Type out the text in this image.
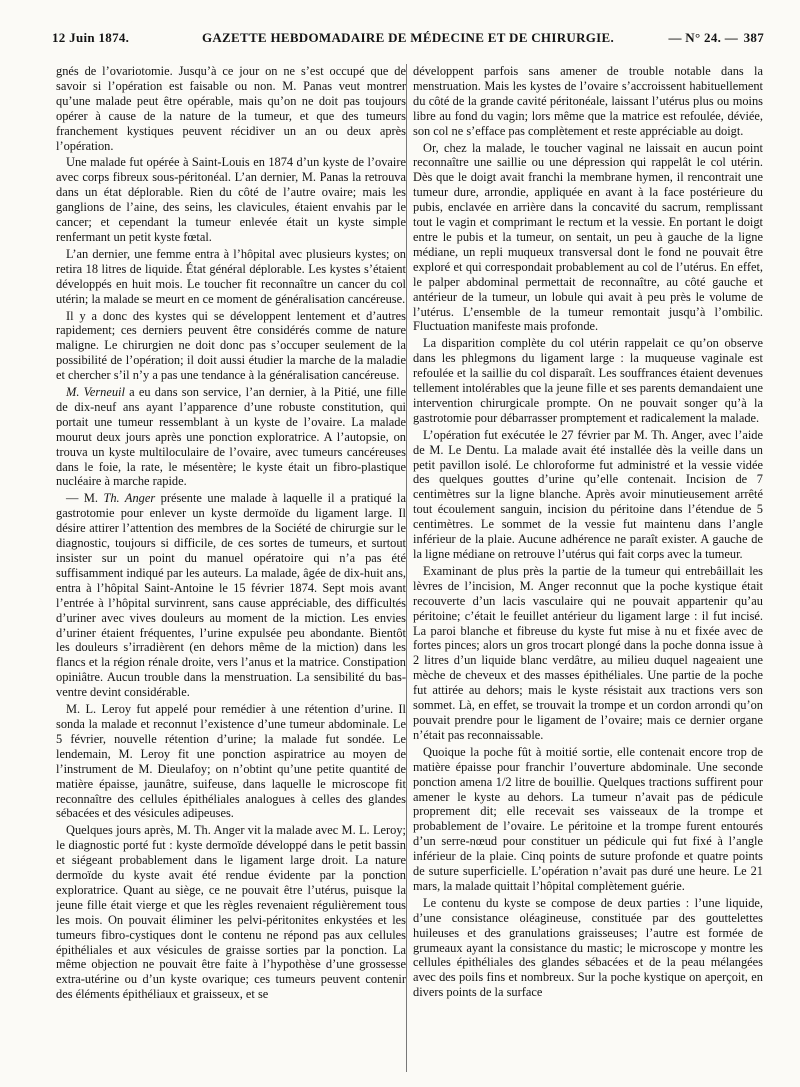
12 Juin 1874.	GAZETTE HEBDOMADAIRE DE MÉDECINE ET DE CHIRURGIE.	— N° 24. — 387

gnés de l’ovariotomie. Jusqu’à ce jour on ne s’est occupé que de savoir si l’opération est faisable ou non. M. Panas veut montrer qu’une malade peut être opérable, mais qu’on ne doit pas toujours opérer à cause de la nature de la tumeur, et que des tumeurs franchement kystiques peuvent récidiver un an ou deux après l’opération.

Une malade fut opérée à Saint-Louis en 1874 d’un kyste de l’ovaire avec corps fibreux sous-péritonéal. L’an dernier, M. Panas la retrouva dans un état déplorable. Rien du côté de l’autre ovaire; mais les ganglions de l’aine, des seins, les clavicules, étaient envahis par le cancer; et cependant la tumeur enlevée était un kyste simple renfermant un petit kyste fœtal.

L’an dernier, une femme entra à l’hôpital avec plusieurs kystes; on retira 18 litres de liquide. État général déplorable. Les kystes s’étaient développés en huit mois. Le toucher fit reconnaître un cancer du col utérin; la malade se meurt en ce moment de généralisation cancéreuse.

Il y a donc des kystes qui se développent lentement et d’autres rapidement; ces derniers peuvent être considérés comme de nature maligne. Le chirurgien ne doit donc pas s’occuper seulement de la possibilité de l’opération; il doit aussi étudier la marche de la maladie et chercher s’il n’y a pas une tendance à la généralisation cancéreuse.

M. Verneuil a eu dans son service, l’an dernier, à la Pitié, une fille de dix-neuf ans ayant l’apparence d’une robuste constitution, qui portait une tumeur ressemblant à un kyste de l’ovaire. La malade mourut deux jours après une ponction exploratrice. A l’autopsie, on trouva un kyste multiloculaire de l’ovaire, avec tumeurs cancéreuses dans le foie, la rate, le mésentère; le kyste était un fibro-plastique nucléaire à marche rapide.

— M. Th. Anger présente une malade à laquelle il a pratiqué la gastrotomie pour enlever un kyste dermoïde du ligament large. Il désire attirer l’attention des membres de la Société de chirurgie sur le diagnostic, toujours si difficile, de ces sortes de tumeurs, et surtout insister sur un point du manuel opératoire qui n’a pas été suffisamment indiqué par les auteurs. La malade, âgée de dix-huit ans, entra à l’hôpital Saint-Antoine le 15 février 1874. Sept mois avant l’entrée à l’hôpital survinrent, sans cause appréciable, des difficultés d’uriner avec vives douleurs au moment de la miction. Les envies d’uriner étaient fréquentes, l’urine expulsée peu abondante. Bientôt les douleurs s’irradièrent (en dehors même de la miction) dans les flancs et la région rénale droite, vers l’anus et la matrice. Constipation opiniâtre. Aucun trouble dans la menstruation. La sensibilité du bas-ventre devint considérable.

M. L. Leroy fut appelé pour remédier à une rétention d’urine. Il sonda la malade et reconnut l’existence d’une tumeur abdominale. Le 5 février, nouvelle rétention d’urine; la malade fut sondée. Le lendemain, M. Leroy fit une ponction aspiratrice au moyen de l’instrument de M. Dieulafoy; on n’obtint qu’une petite quantité de matière épaisse, jaunâtre, suifeuse, dans laquelle le microscope fit reconnaître des cellules épithéliales analogues à celles des glandes sébacées et des vésicules adipeuses.

Quelques jours après, M. Th. Anger vit la malade avec M. L. Leroy; le diagnostic porté fut : kyste dermoïde développé dans le petit bassin et siégeant probablement dans le ligament large droit. La nature dermoïde du kyste avait été rendue évidente par la ponction exploratrice. Quant au siège, ce ne pouvait être l’utérus, puisque la jeune fille était vierge et que les règles revenaient régulièrement tous les mois. On pouvait éliminer les pelvi-péritonites enkystées et les tumeurs fibro-cystiques dont le contenu ne répond pas aux cellules épithéliales et aux vésicules de graisse sorties par la ponction. La même objection ne pouvait être faite à l’hypothèse d’une grossesse extra-utérine ou d’un kyste ovarique; ces tumeurs peuvent contenir des éléments épithéliaux et graisseux, et se

développent parfois sans amener de trouble notable dans la menstruation. Mais les kystes de l’ovaire s’accroissent habituellement du côté de la grande cavité péritonéale, laissant l’utérus plus ou moins libre au fond du vagin; lors même que la matrice est refoulée, déviée, son col ne s’efface pas complètement et reste appréciable au doigt.

Or, chez la malade, le toucher vaginal ne laissait en aucun point reconnaître une saillie ou une dépression qui rappelât le col utérin. Dès que le doigt avait franchi la membrane hymen, il rencontrait une tumeur dure, arrondie, appliquée en avant à la face postérieure du pubis, enclavée en arrière dans la concavité du sacrum, remplissant tout le vagin et comprimant le rectum et la vessie. En portant le doigt entre le pubis et la tumeur, on sentait, un peu à gauche de la ligne médiane, un repli muqueux transversal dont le fond ne pouvait être exploré et qui correspondait probablement au col de l’utérus. En effet, le palper abdominal permettait de reconnaître, au côté gauche et antérieur de la tumeur, un lobule qui avait à peu près le volume de l’utérus. L’ensemble de la tumeur remontait jusqu’à l’ombilic. Fluctuation manifeste mais profonde.

La disparition complète du col utérin rappelait ce qu’on observe dans les phlegmons du ligament large : la muqueuse vaginale est refoulée et la saillie du col disparaît. Les souffrances étaient devenues tellement intolérables que la jeune fille et ses parents demandaient une intervention chirurgicale prompte. On ne pouvait songer qu’à la gastrotomie pour débarrasser promptement et radicalement la malade.

L’opération fut exécutée le 27 février par M. Th. Anger, avec l’aide de M. Le Dentu. La malade avait été installée dès la veille dans un petit pavillon isolé. Le chloroforme fut administré et la vessie vidée des quelques gouttes d’urine qu’elle contenait. Incision de 7 centimètres sur la ligne blanche. Après avoir minutieusement arrêté tout écoulement sanguin, incision du péritoine dans l’étendue de 5 centimètres. Le sommet de la vessie fut maintenu dans l’angle inférieur de la plaie. Aucune adhérence ne paraît exister. A gauche de la ligne médiane on retrouve l’utérus qui fait corps avec la tumeur.

Examinant de plus près la partie de la tumeur qui entrebâillait les lèvres de l’incision, M. Anger reconnut que la poche kystique était recouverte d’un lacis vasculaire qui ne pouvait appartenir qu’au péritoine; c’était le feuillet antérieur du ligament large : il fut incisé. La paroi blanche et fibreuse du kyste fut mise à nu et fixée avec de fortes pinces; alors un gros trocart plongé dans la poche donna issue à 2 litres d’un liquide blanc verdâtre, au milieu duquel nageaient une mèche de cheveux et des masses épithéliales. Une partie de la poche fut attirée au dehors; mais le kyste résistait aux tractions vers son sommet. Là, en effet, se trouvait la trompe et un cordon arrondi qu’on pouvait prendre pour le ligament de l’ovaire; mais ce dernier organe n’était pas reconnaissable.

Quoique la poche fût à moitié sortie, elle contenait encore trop de matière épaisse pour franchir l’ouverture abdominale. Une seconde ponction amena 1/2 litre de bouillie. Quelques tractions suffirent pour amener le kyste au dehors. La tumeur n’avait pas de pédicule proprement dit; elle recevait ses vaisseaux de la trompe et probablement de l’ovaire. Le péritoine et la trompe furent entourés d’un serre-nœud pour constituer un pédicule qui fut fixé à l’angle inférieur de la plaie. Cinq points de suture profonde et quatre points de suture superficielle. L’opération n’avait pas duré une heure. Le 21 mars, la malade quittait l’hôpital complètement guérie.

Le contenu du kyste se compose de deux parties : l’une liquide, d’une consistance oléagineuse, constituée par des gouttelettes huileuses et des granulations graisseuses; l’autre est formée de grumeaux ayant la consistance du mastic; le microscope y montre les cellules épithéliales des glandes sébacées et de la peau mélangées avec des poils fins et nombreux. Sur la poche kystique on aperçoit, en divers points de la surface
